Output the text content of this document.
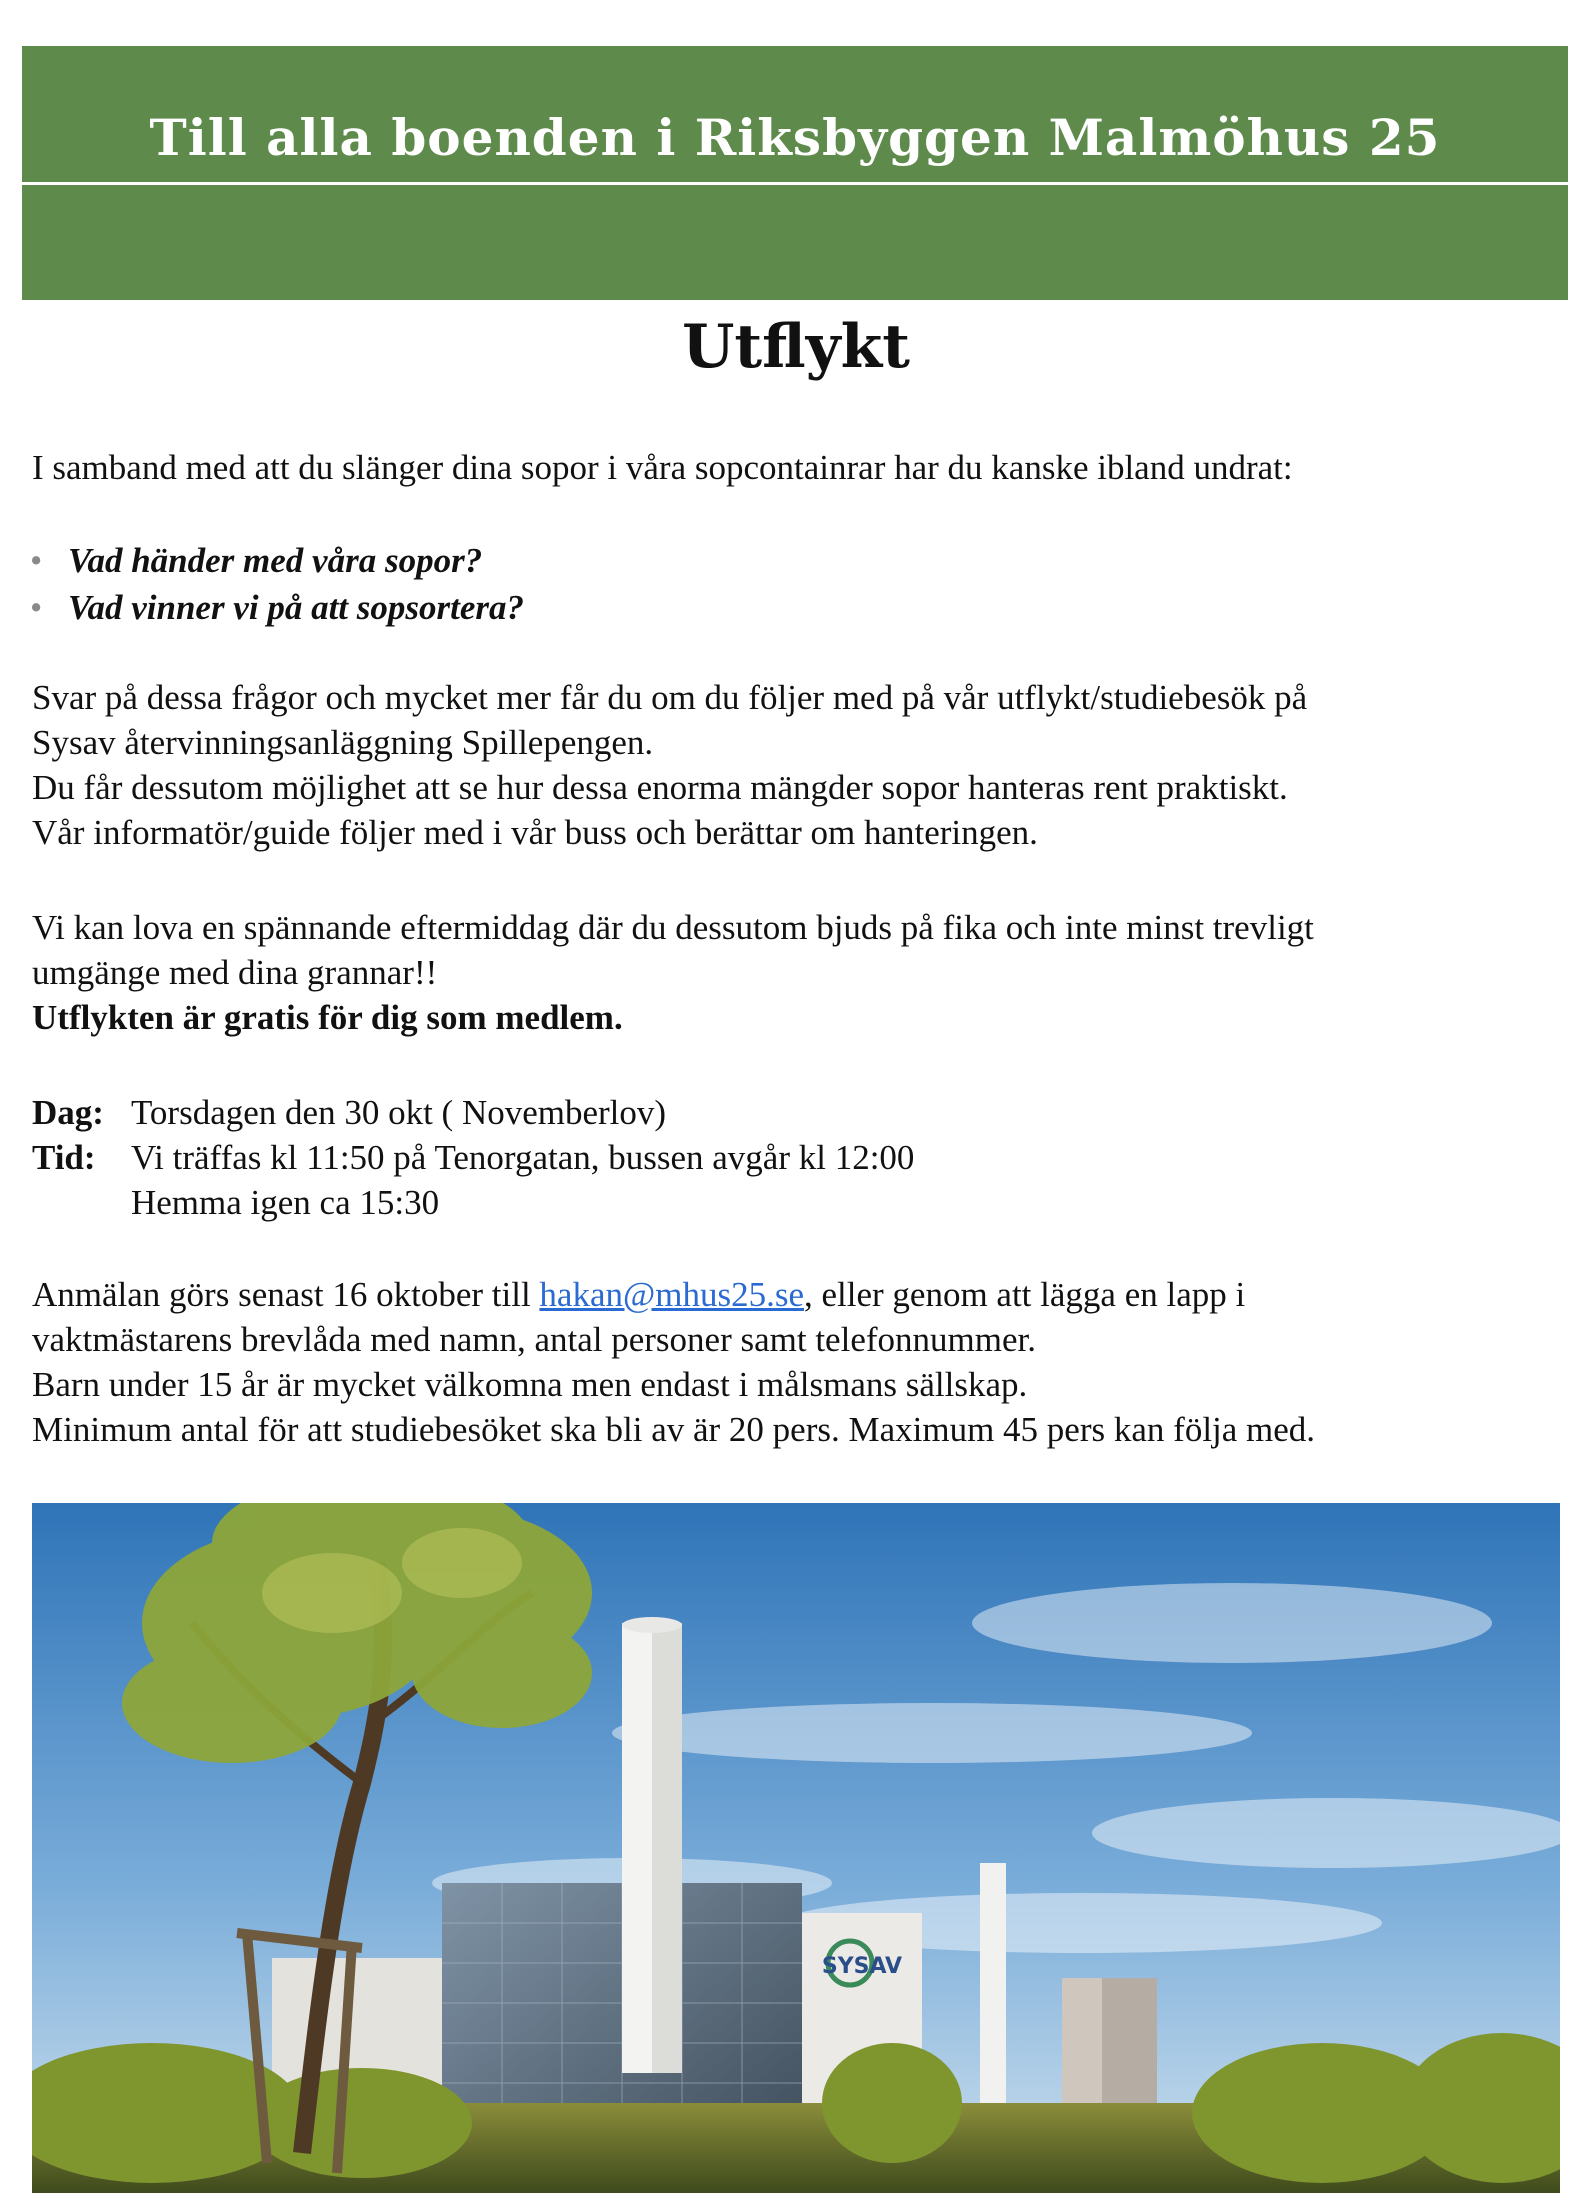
Till alla boenden i Riksbyggen Malmöhus 25
Utflykt
I samband med att du slänger dina sopor i våra sopcontainrar har du kanske ibland undrat:
• Vad händer med våra sopor?
• Vad vinner vi på att sopsortera?

Svar på dessa frågor och mycket mer får du om du följer med på vår utflykt/studiebesök på

Sysav återvinningsanläggning Spillepengen.

Du får dessutom möjlighet att se hur dessa enorma mängder sopor hanteras rent praktiskt.

Vår informatör/guide följer med i vår buss och berättar om hanteringen.

Vi kan lova en spännande eftermiddag där du dessutom bjuds på fika och inte minst trevligt

umgänge med dina grannar!!

Utflykten är gratis för dig som medlem.

Dag: Torsdagen den 30 okt ( Novemberlov)
Tid: Vi träffas kl 11:50 på Tenorgatan, bussen avgår kl 12:00
Hemma igen ca 15:30

Anmälan görs senast 16 oktober till hakan@mhus25.se, eller genom att lägga en lapp i

vaktmästarens brevlåda med namn, antal personer samt telefonnummer.

Barn under 15 år är mycket välkomna men endast i målsmans sällskap.

Minimum antal för att studiebesöket ska bli av är 20 pers. Maximum 45 pers kan följa med.

SYSAV
